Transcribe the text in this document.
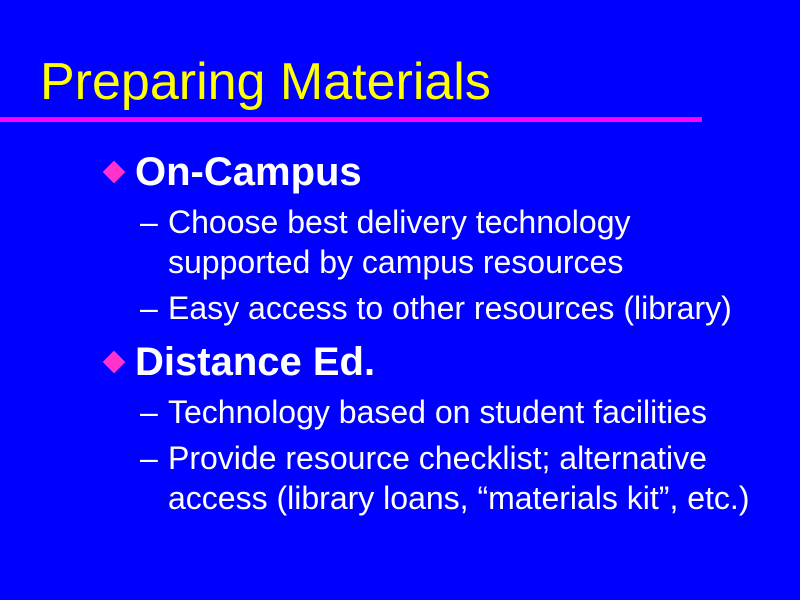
Preparing Materials
On-Campus
– Choose best delivery technology
supported by campus resources
– Easy access to other resources (library)
Distance Ed.
– Technology based on student facilities
– Provide resource checklist; alternative
access (library loans, “materials kit”, etc.)
